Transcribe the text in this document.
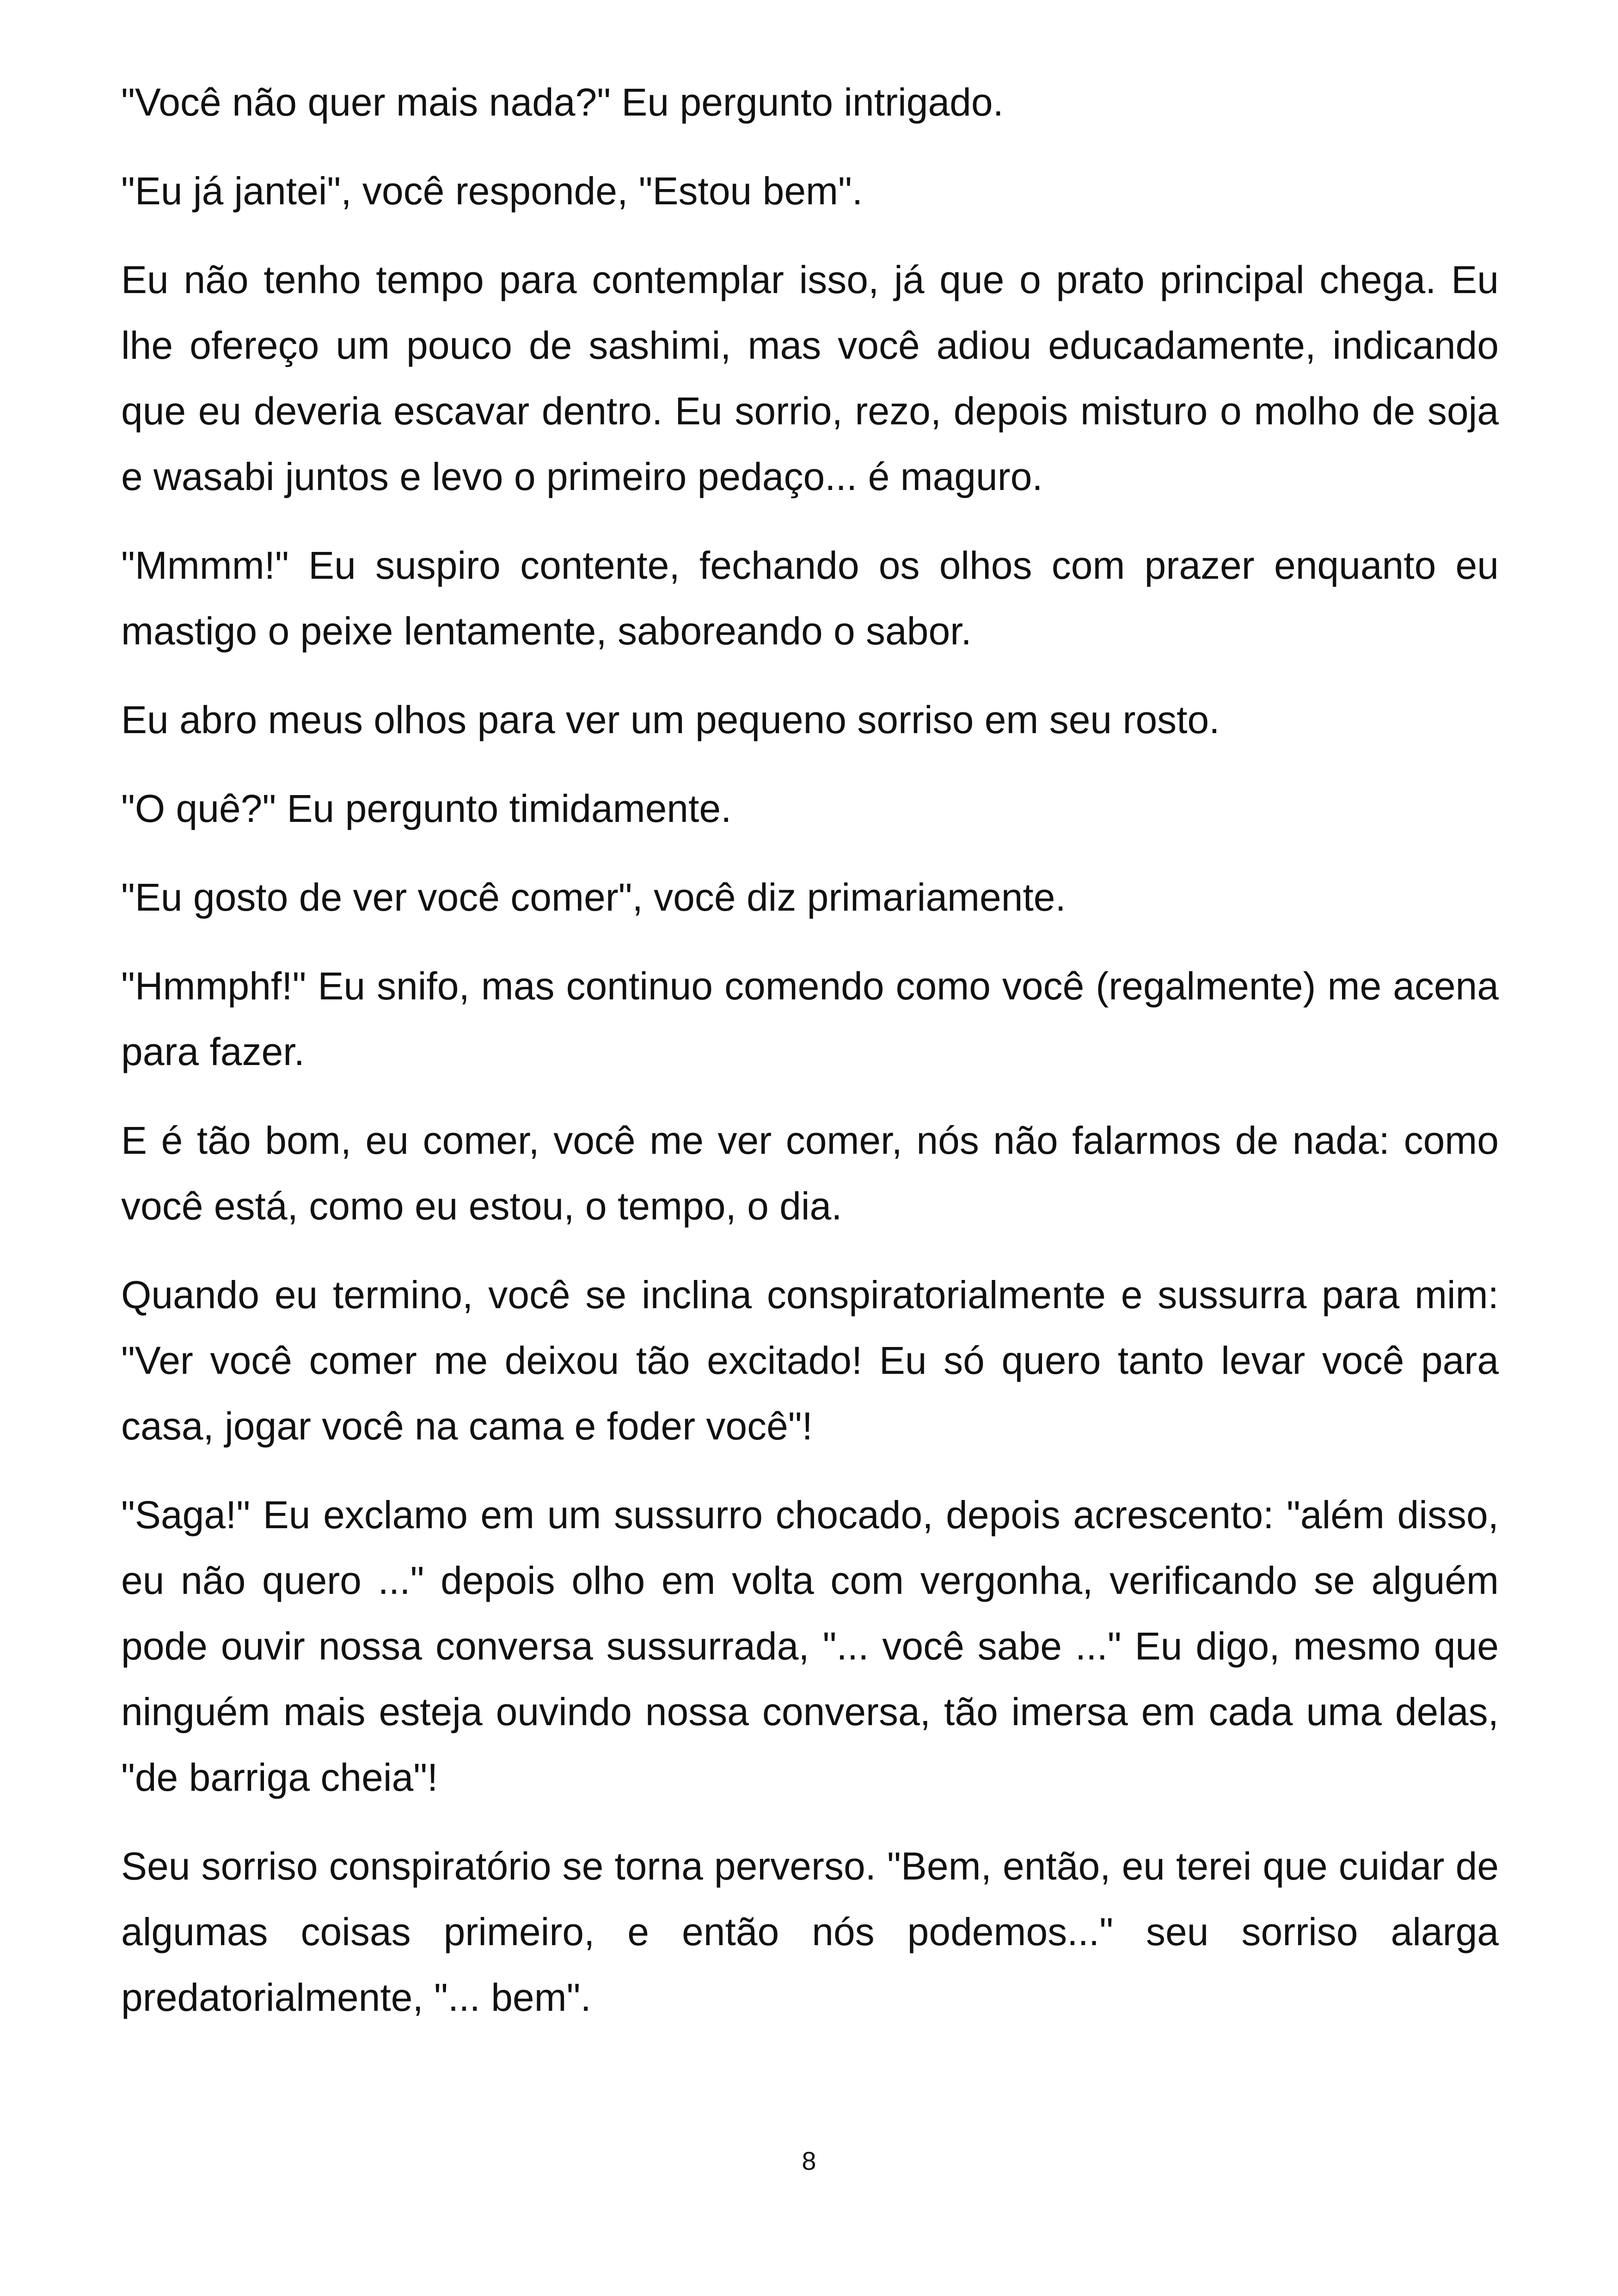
"Você não quer mais nada?" Eu pergunto intrigado.

"Eu já jantei", você responde, "Estou bem".

Eu não tenho tempo para contemplar isso, já que o prato principal chega. Eu lhe ofereço um pouco de sashimi, mas você adiou educadamente, indicando que eu deveria escavar dentro. Eu sorrio, rezo, depois misturo o molho de soja e wasabi juntos e levo o primeiro pedaço... é maguro.

"Mmmm!" Eu suspiro contente, fechando os olhos com prazer enquanto eu mastigo o peixe lentamente, saboreando o sabor.

Eu abro meus olhos para ver um pequeno sorriso em seu rosto.

"O quê?" Eu pergunto timidamente.

"Eu gosto de ver você comer", você diz primariamente.

"Hmmphf!" Eu snifo, mas continuo comendo como você (regalmente) me acena para fazer.

E é tão bom, eu comer, você me ver comer, nós não falarmos de nada: como você está, como eu estou, o tempo, o dia.

Quando eu termino, você se inclina conspiratorialmente e sussurra para mim: "Ver você comer me deixou tão excitado! Eu só quero tanto levar você para casa, jogar você na cama e foder você"!

"Saga!" Eu exclamo em um sussurro chocado, depois acrescento: "além disso, eu não quero ..." depois olho em volta com vergonha, verificando se alguém pode ouvir nossa conversa sussurrada, "... você sabe ..." Eu digo, mesmo que ninguém mais esteja ouvindo nossa conversa, tão imersa em cada uma delas, "de barriga cheia"!

Seu sorriso conspiratório se torna perverso. "Bem, então, eu terei que cuidar de algumas coisas primeiro, e então nós podemos..." seu sorriso alarga predatorialmente, "... bem".

8
